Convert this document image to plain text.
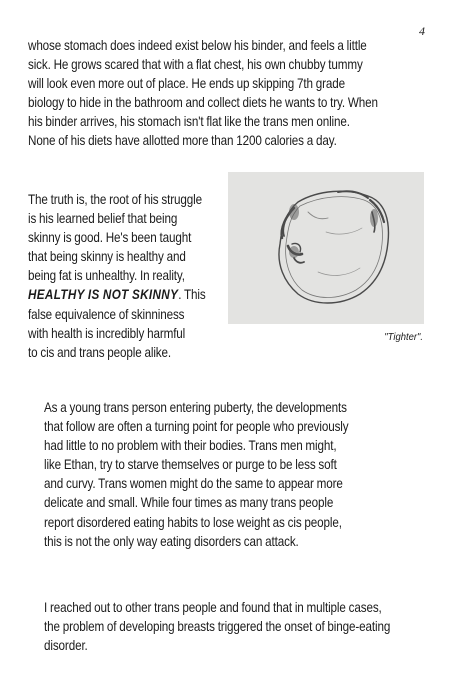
4
whose stomach does indeed exist below his binder, and feels a little
sick. He grows scared that with a flat chest, his own chubby tummy
will look even more out of place. He ends up skipping 7th grade
biology to hide in the bathroom and collect diets he wants to try. When
his binder arrives, his stomach isn't flat like the trans men online.
None of his diets have allotted more than 1200 calories a day.
The truth is, the root of his struggle
is his learned belief that being
skinny is good. He's been taught
that being skinny is healthy and
being fat is unhealthy. In reality,
HEALTHY IS NOT SKINNY. This
false equivalence of skinniness
with health is incredibly harmful
to cis and trans people alike.
"Tighter".
As a young trans person entering puberty, the developments
that follow are often a turning point for people who previously
had little to no problem with their bodies. Trans men might,
like Ethan, try to starve themselves or purge to be less soft
and curvy. Trans women might do the same to appear more
delicate and small. While four times as many trans people
report disordered eating habits to lose weight as cis people,
this is not the only way eating disorders can attack.
I reached out to other trans people and found that in multiple cases,
the problem of developing breasts triggered the onset of binge-eating
disorder.
